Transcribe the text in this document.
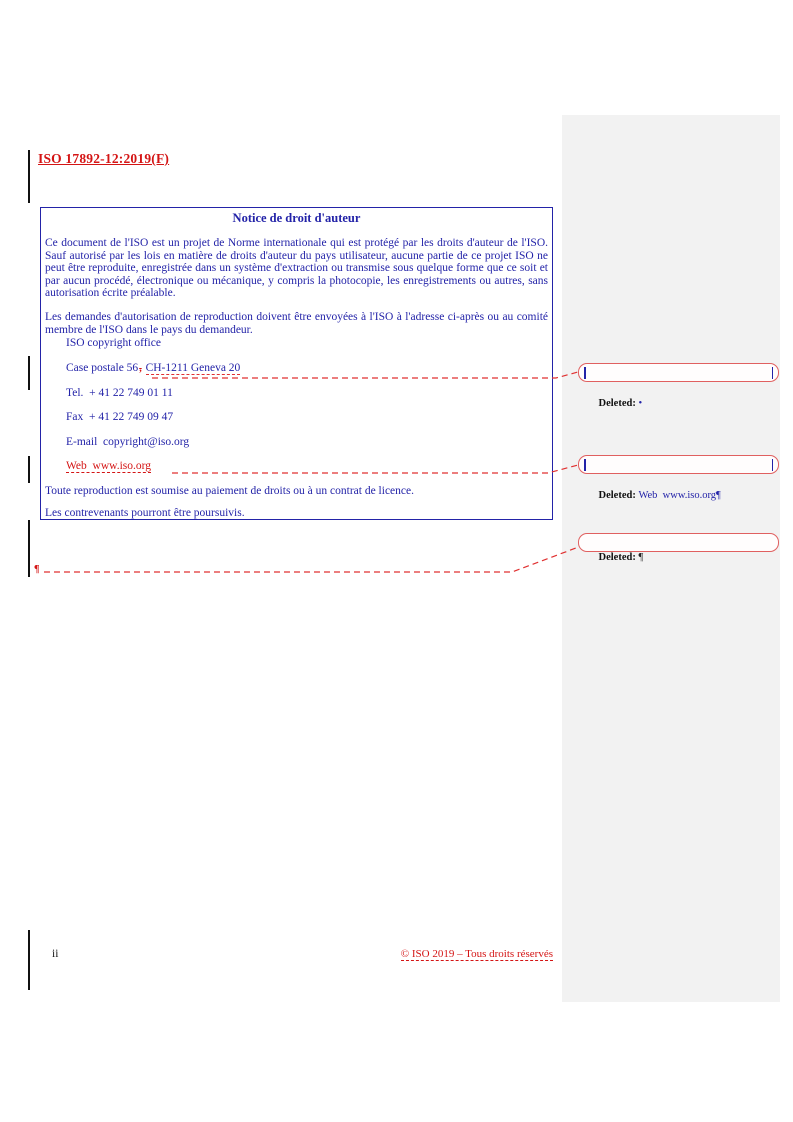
ISO 17892-12:2019(F)
Notice de droit d'auteur
Ce document de l'ISO est un projet de Norme internationale qui est protégé par les droits d'auteur de l'ISO. Sauf autorisé par les lois en matière de droits d'auteur du pays utilisateur, aucune partie de ce projet ISO ne peut être reproduite, enregistrée dans un système d'extraction ou transmise sous quelque forme que ce soit et par aucun procédé, électronique ou mécanique, y compris la photocopie, les enregistrements ou autres, sans autorisation écrite préalable.
Les demandes d'autorisation de reproduction doivent être envoyées à l'ISO à l'adresse ci-après ou au comité membre de l'ISO dans le pays du demandeur.
ISO copyright office
Case postale 56, CH-1211 Geneva 20
Tel.  + 41 22 749 01 11
Fax  + 41 22 749 09 47
E-mail  copyright@iso.org
Web  www.iso.org
Toute reproduction est soumise au paiement de droits ou à un contrat de licence.
Les contrevenants pourront être poursuivis.
¶

Deleted: •

Deleted: Web  www.iso.org¶

Deleted: ¶

ii	© ISO 2019 – Tous droits réservés
